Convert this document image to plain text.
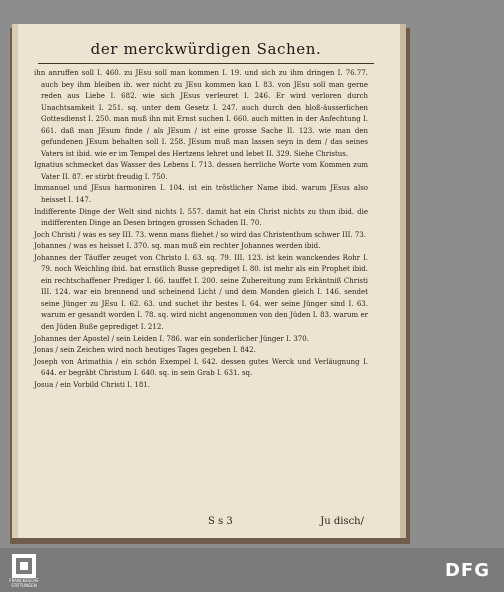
der merckwürdigen Sachen.

ihn anruffen soll I. 460. zu JEsu soll man kommen I. 19. und sich zu ihm dringen I. 76.77. auch bey ihm bleiben ib. wer nicht zu JEsu kommen kan I. 83. von JEsu soll man gerne reden aus Liebe I. 682. wie sich JEsus verleuret I. 246. Er wird verloren durch Unachtsamkeit I. 251. sq. unter dem Gesetz I. 247. auch durch den bloß-äusserlichen Gottesdienst I. 250. man muß ihn mit Ernst suchen I. 660. auch mitten in der Anfechtung I. 661. daß man JEsum finde / als JEsum / ist eine grosse Sache II. 123. wie man den gefundenen JEsum behalten soll I. 258. JEsum muß man lassen seyn in dem / das seines Vaters ist ibid. wie er im Tempel des Hertzens lehret und lebet II. 329. Siehe Christus.

Ignatius schmecket das Wasser des Lebens I. 713. dessen herrliche Worte vom Kommen zum Vater II. 87. er stirbt freudig I. 750.

Immanuel und JEsus harmoniren I. 104. ist ein tröstlicher Name ibid. warum JEsus also heisset I. 147.

Indifferente Dinge der Welt sind nichts I. 557. damit hat ein Christ nichts zu thun ibid. die indifferenten Dinge an Desen bringen grossen Schaden II. 70.

Joch Christi / was es sey III. 73. wenn mans fliehet / so wird das Christenthum schwer III. 73.

Johannes / was es heisset I. 370. sq. man muß ein rechter Johannes werden ibid.

Johannes der Täuffer zeuget von Christo I. 63. sq. 79. III. 123. ist kein wanckendes Rohr I. 79. noch Weichling ibid. hat ernstlich Busse geprediget I. 80. ist mehr als ein Prophet ibid. ein rechtschaffener Prediger I. 66. tauffet I. 200. seine Zubereitung zum Erkäntniß Christi III. 124. war ein brennend und scheinend Licht / und dem Monden gleich I. 146. sendet seine Jünger zu JEsu I. 62. 63. und suchet ihr bestes I. 64. wer seine Jünger sind I. 63. warum er gesandt worden I. 78. sq. wird nicht angenommen von den Jüden I. 83. warum er den Jüden Buße geprediget I. 212.

Johannes der Apostel / sein Leiden I. 786. war ein sonderlicher Jünger I. 370.

Jonas / sein Zeichen wird noch heutiges Tages gegeben I. 842.

Joseph von Arimathia / ein schön Exempel I. 642. dessen gutes Werck und Verläugnung I. 644. er begräbt Christum I. 640. sq. in sein Grab I. 631. sq.

Josua / ein Vorbild Christi I. 181.

S s 3	Ju disch/
FRANCKESCHE STIFTUNGEN
DFG
